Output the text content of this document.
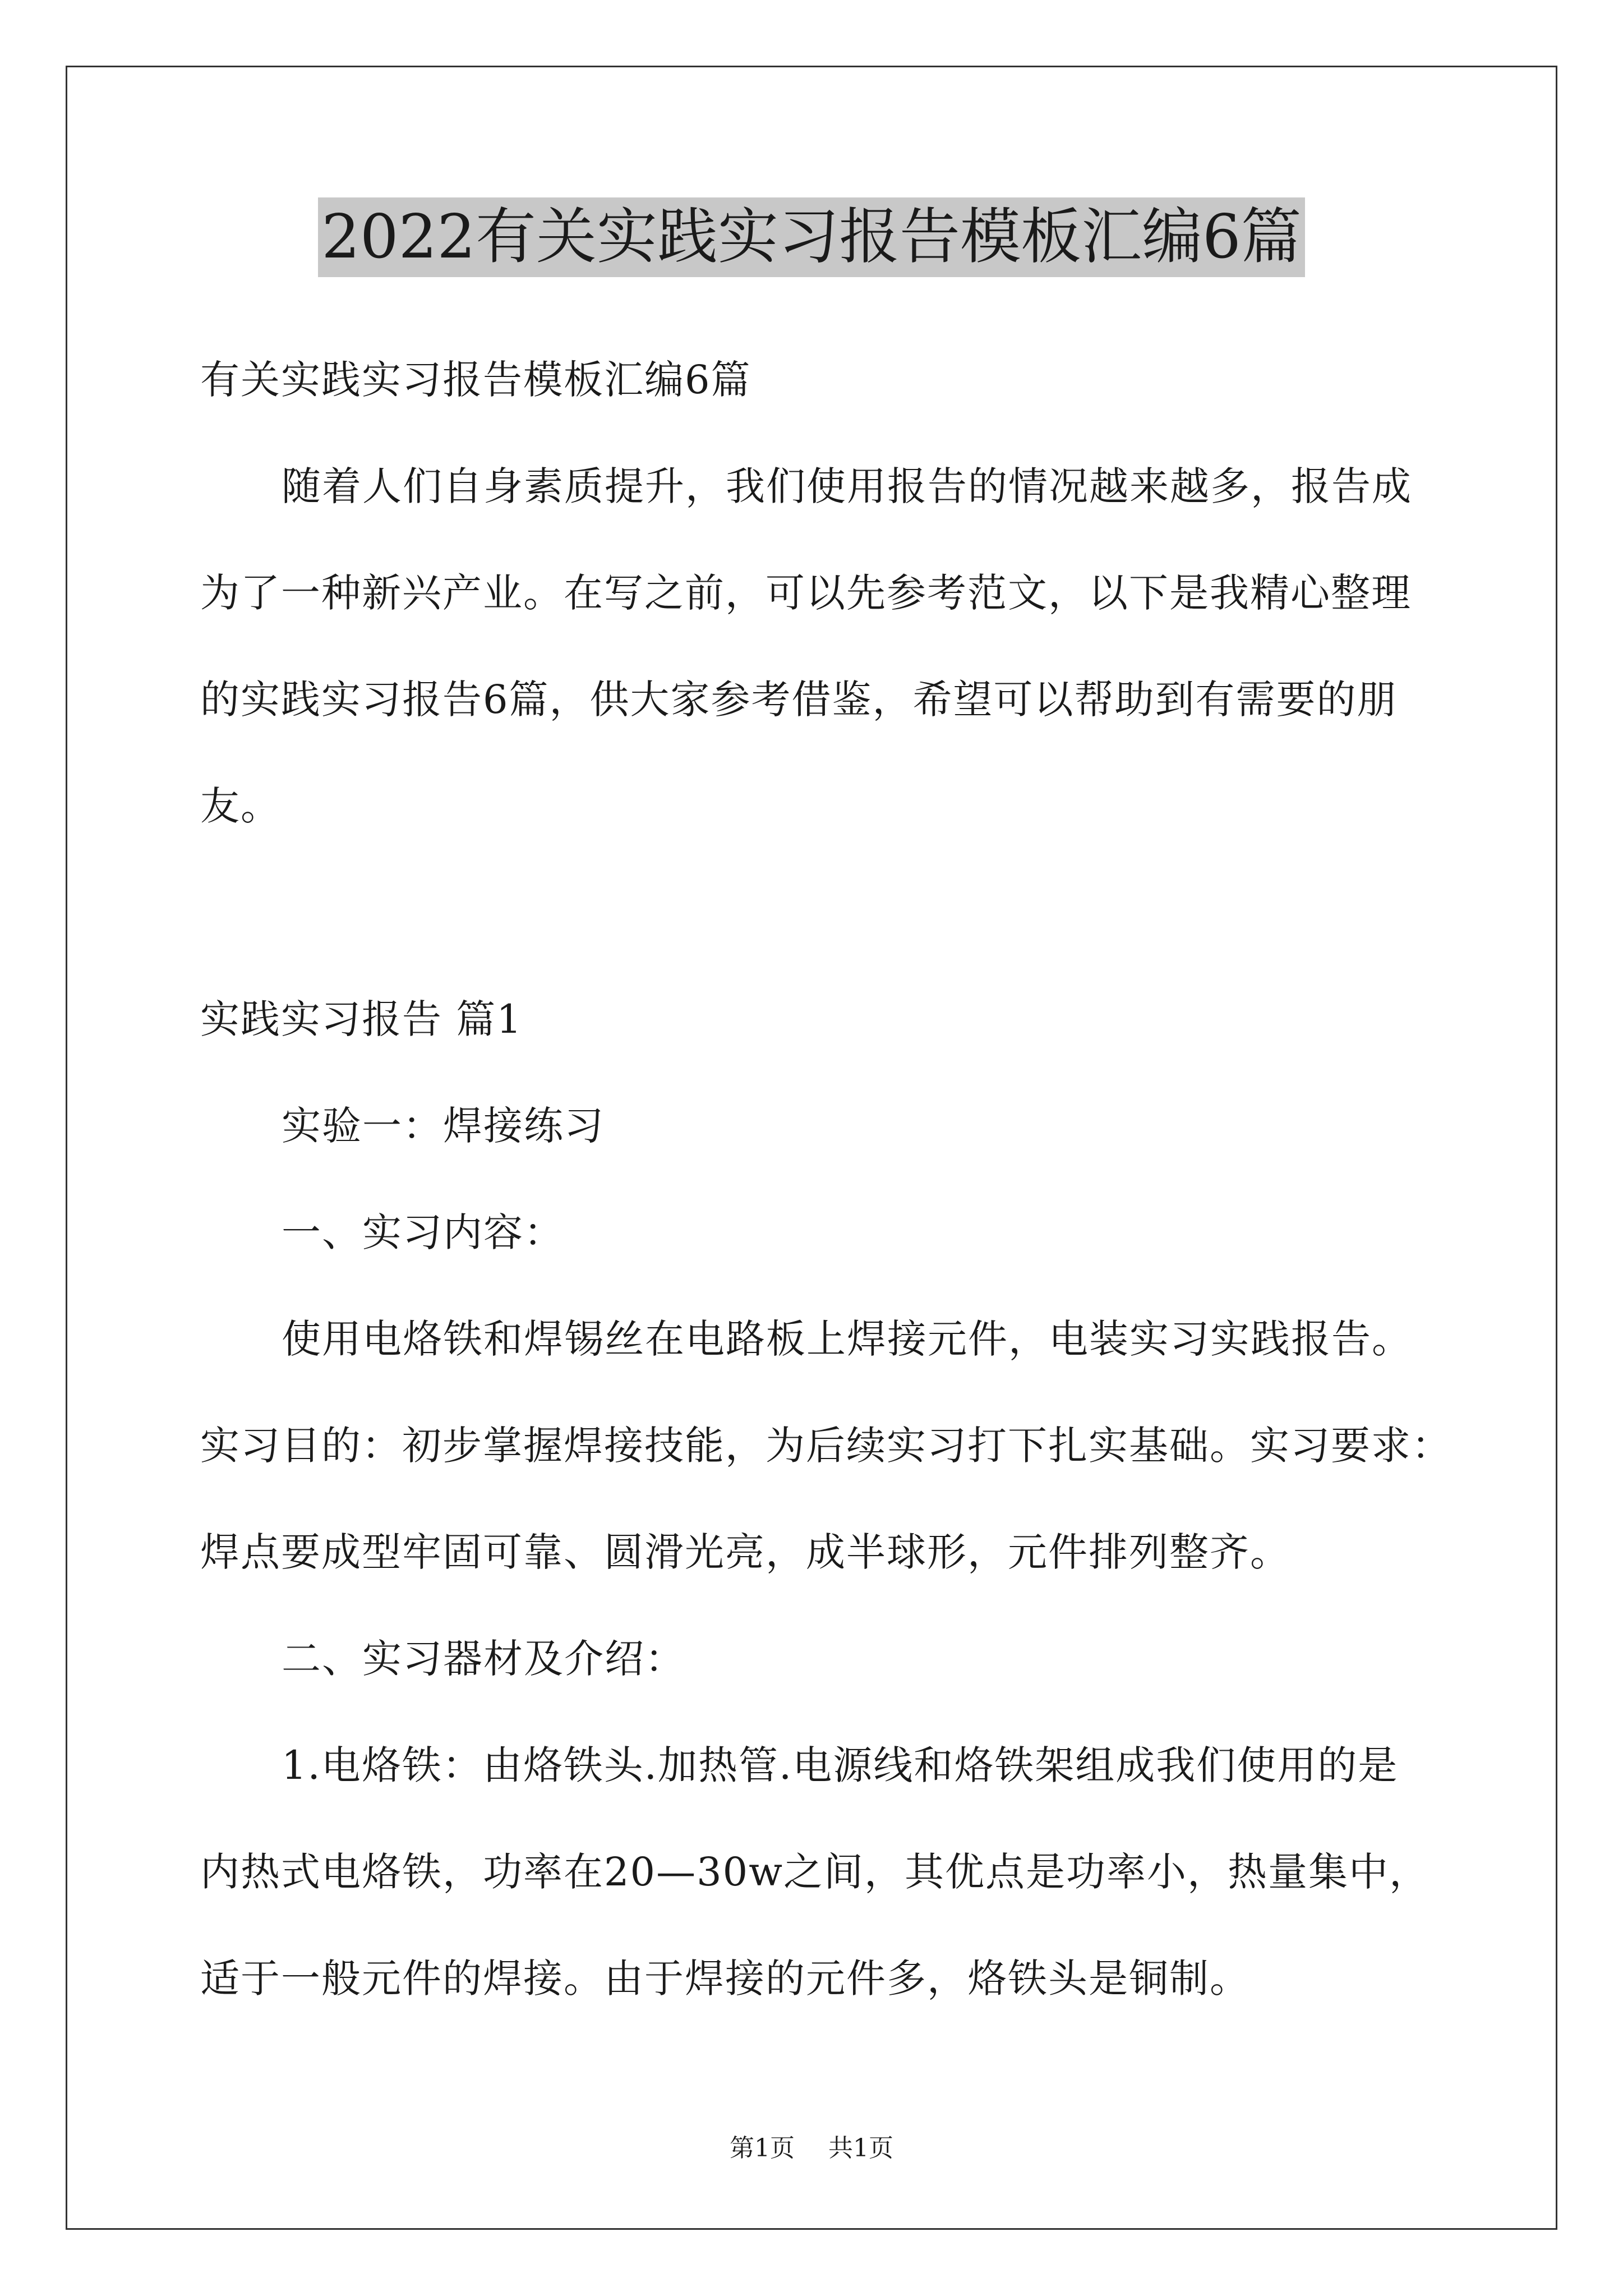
2022有关实践实习报告模板汇编6篇
有关实践实习报告模板汇编6篇
随着人们自身素质提升，我们使用报告的情况越来越多，报告成
为了一种新兴产业。在写之前，可以先参考范文，以下是我精心整理
的实践实习报告6篇，供大家参考借鉴，希望可以帮助到有需要的朋
友。
实践实习报告 篇1
实验一：焊接练习
一、实习内容：
使用电烙铁和焊锡丝在电路板上焊接元件，电装实习实践报告。
实习目的：初步掌握焊接技能，为后续实习打下扎实基础。实习要求：
焊点要成型牢固可靠、圆滑光亮，成半球形，元件排列整齐。
二、实习器材及介绍：
1.电烙铁：由烙铁头.加热管.电源线和烙铁架组成我们使用的是
内热式电烙铁，功率在20—30w之间，其优点是功率小，热量集中，
适于一般元件的焊接。由于焊接的元件多，烙铁头是铜制。
第1页 共1页
